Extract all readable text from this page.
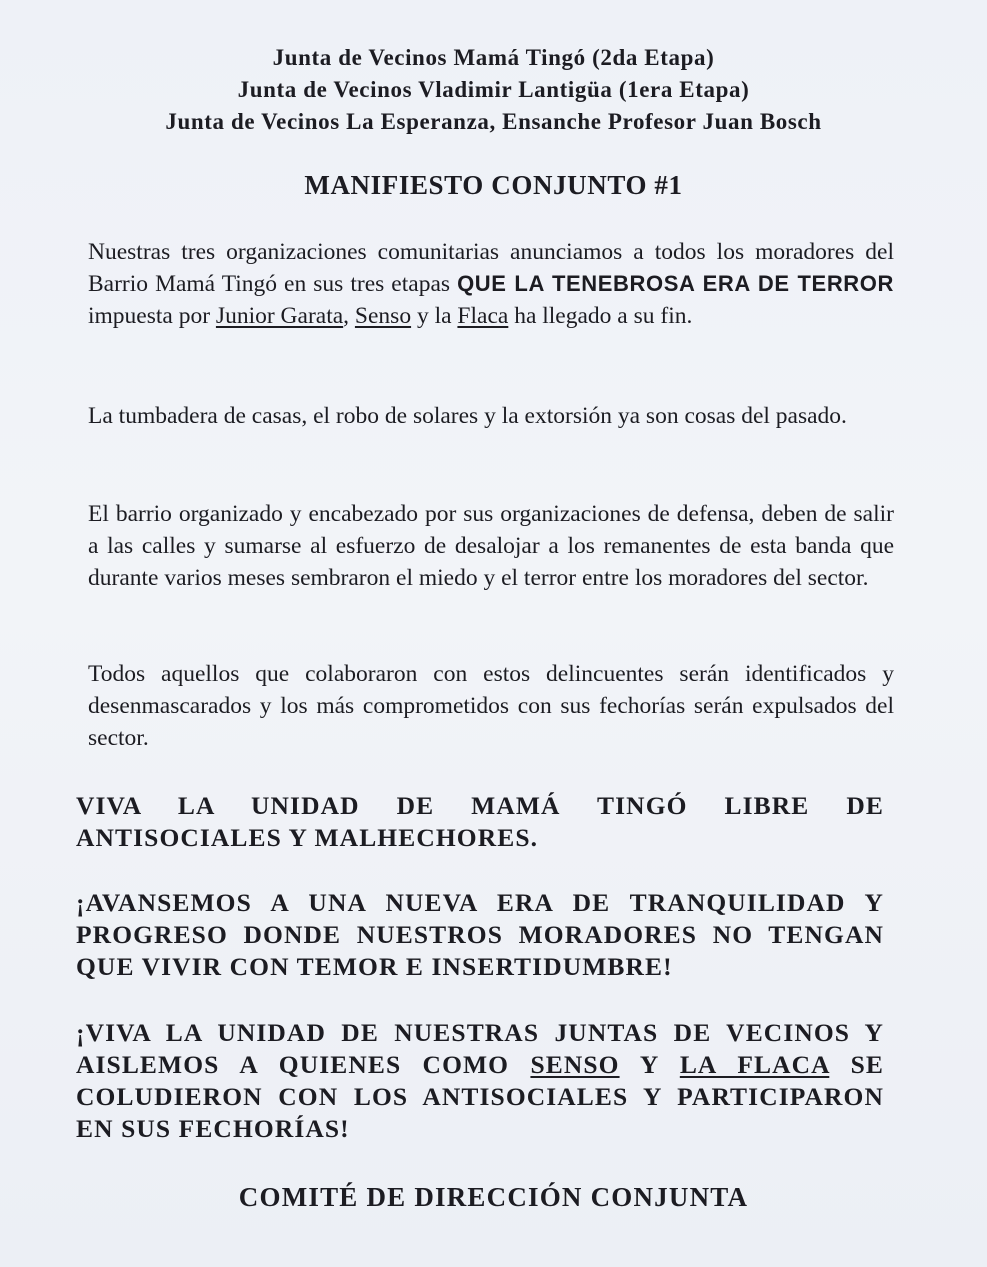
Junta de Vecinos Mamá Tingó (2da Etapa)
Junta de Vecinos Vladimir Lantigüa (1era Etapa)
Junta de Vecinos La Esperanza, Ensanche Profesor Juan Bosch
MANIFIESTO CONJUNTO #1
Nuestras tres organizaciones comunitarias anunciamos a todos los moradores del Barrio Mamá Tingó en sus tres etapas QUE LA TENEBROSA ERA DE TERROR impuesta por Junior Garata, Senso y la Flaca ha llegado a su fin.
La tumbadera de casas, el robo de solares y la extorsión ya son cosas del pasado.
El barrio organizado y encabezado por sus organizaciones de defensa, deben de salir a las calles y sumarse al esfuerzo de desalojar a los remanentes de esta banda que durante varios meses sembraron el miedo y el terror entre los moradores del sector.
Todos aquellos que colaboraron con estos delincuentes serán identificados y desenmascarados y los más comprometidos con sus fechorías serán expulsados del sector.
VIVA LA UNIDAD DE MAMÁ TINGÓ LIBRE DE ANTISOCIALES Y MALHECHORES.
¡AVANSEMOS A UNA NUEVA ERA DE TRANQUILIDAD Y PROGRESO DONDE NUESTROS MORADORES NO TENGAN QUE VIVIR CON TEMOR E INSERTIDUMBRE!
¡VIVA LA UNIDAD DE NUESTRAS JUNTAS DE VECINOS Y AISLEMOS A QUIENES COMO SENSO Y LA FLACA SE COLUDIERON CON LOS ANTISOCIALES Y PARTICIPARON EN SUS FECHORÍAS!
COMITÉ DE DIRECCIÓN CONJUNTA
